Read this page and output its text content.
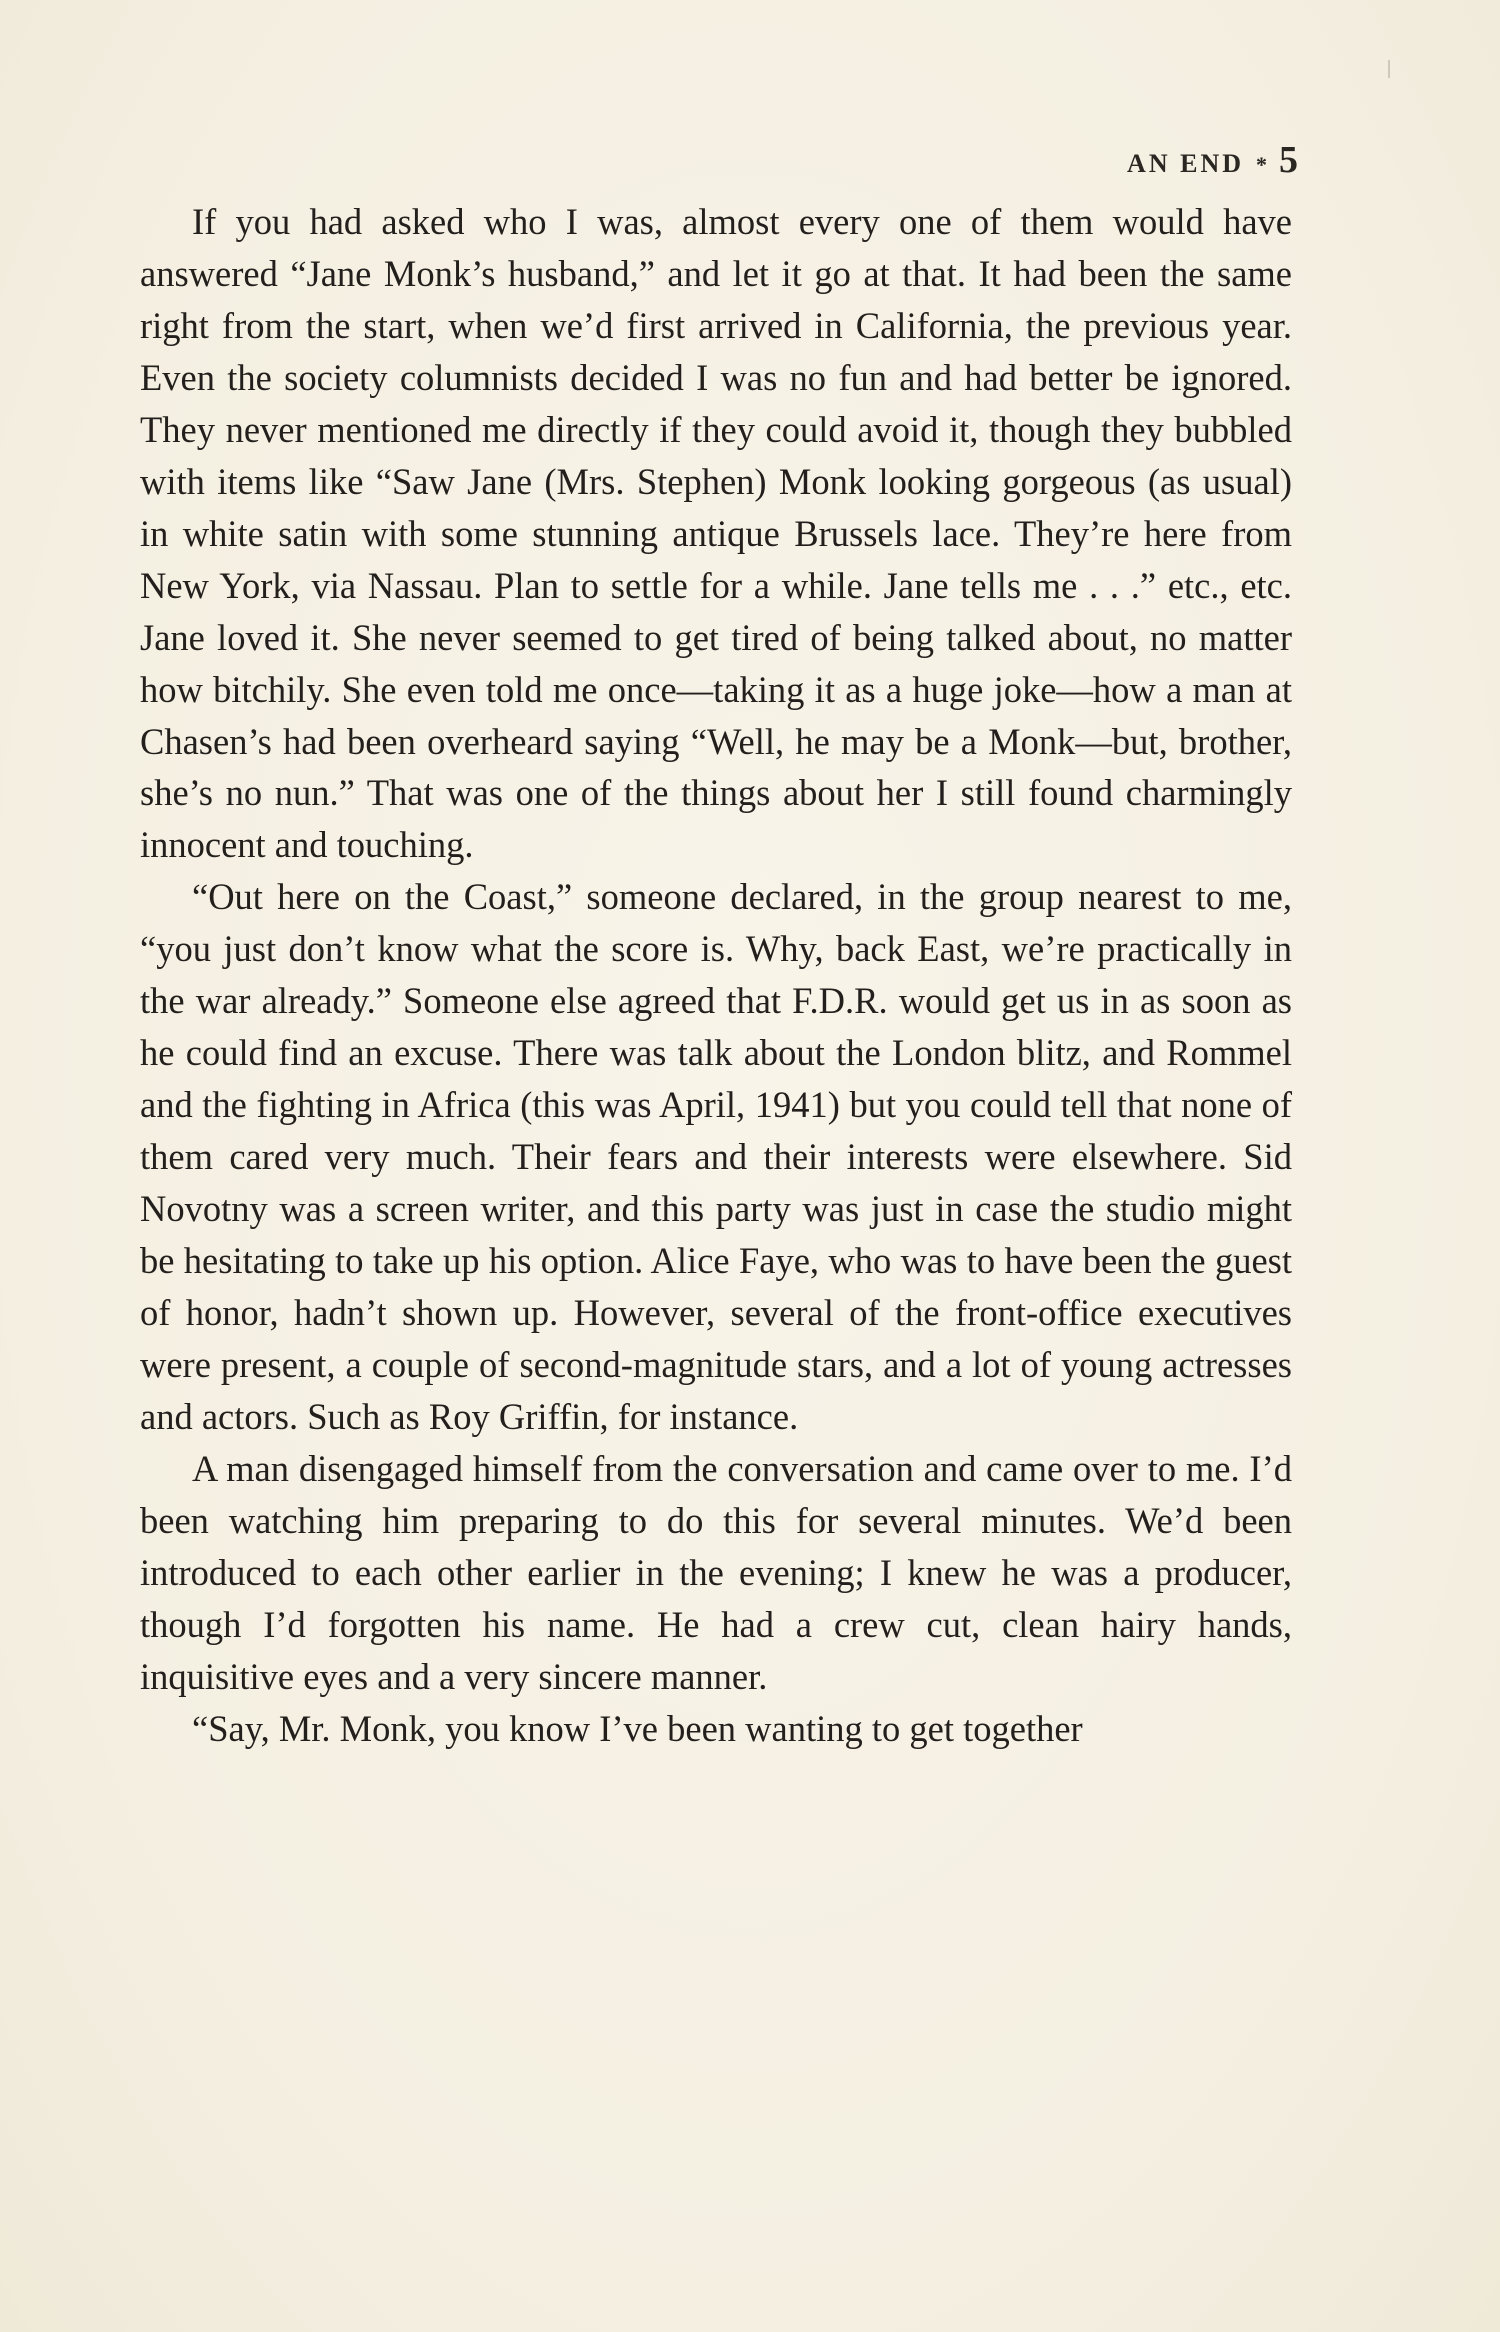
AN END * 5

If you had asked who I was, almost every one of them would have answered “Jane Monk’s husband,” and let it go at that. It had been the same right from the start, when we’d first arrived in California, the previous year. Even the society columnists decided I was no fun and had better be ignored. They never mentioned me directly if they could avoid it, though they bubbled with items like “Saw Jane (Mrs. Stephen) Monk looking gorgeous (as usual) in white satin with some stunning antique Brussels lace. They’re here from New York, via Nassau. Plan to settle for a while. Jane tells me . . .” etc., etc. Jane loved it. She never seemed to get tired of being talked about, no matter how bitchily. She even told me once—taking it as a huge joke—how a man at Chasen’s had been overheard saying “Well, he may be a Monk—but, brother, she’s no nun.” That was one of the things about her I still found charmingly innocent and touching.

“Out here on the Coast,” someone declared, in the group nearest to me, “you just don’t know what the score is. Why, back East, we’re practically in the war already.” Someone else agreed that F.D.R. would get us in as soon as he could find an excuse. There was talk about the London blitz, and Rommel and the fighting in Africa (this was April, 1941) but you could tell that none of them cared very much. Their fears and their interests were elsewhere. Sid Novotny was a screen writer, and this party was just in case the studio might be hesitating to take up his option. Alice Faye, who was to have been the guest of honor, hadn’t shown up. However, several of the front-office executives were present, a couple of second-magnitude stars, and a lot of young actresses and actors. Such as Roy Griffin, for instance.

A man disengaged himself from the conversation and came over to me. I’d been watching him preparing to do this for several minutes. We’d been introduced to each other earlier in the evening; I knew he was a producer, though I’d forgotten his name. He had a crew cut, clean hairy hands, inquisitive eyes and a very sincere manner.

“Say, Mr. Monk, you know I’ve been wanting to get together
